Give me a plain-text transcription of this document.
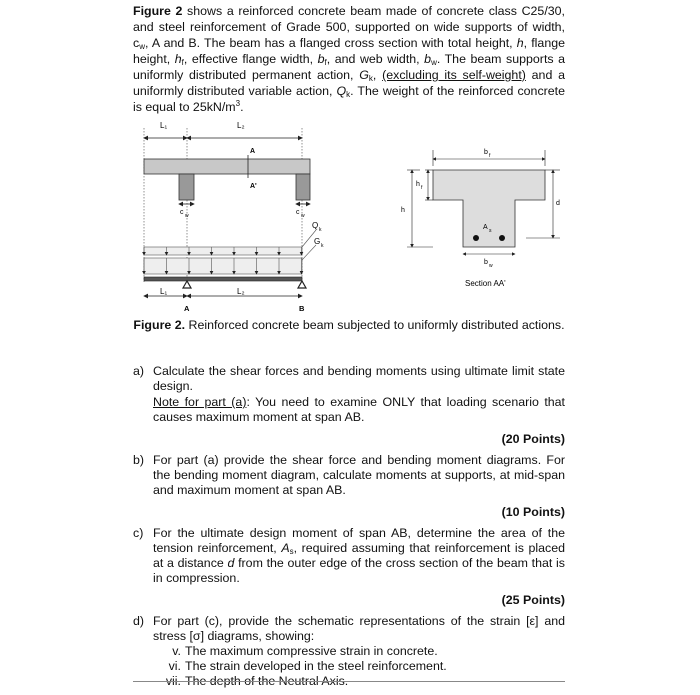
Figure 2 shows a reinforced concrete beam made of concrete class C25/30, and steel reinforcement of Grade 500, supported on wide supports of width, $c_w$, A and B. The beam has a flanged cross section with total height, h, flange height, $h_f$, effective flange width, $b_f$, and web width, $b_w$. The beam supports a uniformly distributed permanent action, $G_k$, (excluding its self-weight) and a uniformly distributed variable action, $Q_k$. The weight of the reinforced concrete is equal to $25kN/m^3$.
L₁	L₂
A
A'
c w	c w
Q k
G k
L₁	L₂
A	B
b f
h f
h
d
A s
b w
Section AA'
Figure 2. Reinforced concrete beam subjected to uniformly distributed actions.
a) Calculate the shear forces and bending moments using ultimate limit state design.
Note for part (a): You need to examine ONLY that loading scenario that causes maximum moment at span AB.
(20 Points)
b) For part (a) provide the shear force and bending moment diagrams. For the bending moment diagram, calculate moments at supports, at mid-span and maximum moment at span AB.
(10 Points)
c) For the ultimate design moment of span AB, determine the area of the tension reinforcement, $A_s$, required assuming that reinforcement is placed at a distance d from the outer edge of the cross section of the beam that is in compression.
(25 Points)
d) For part (c), provide the schematic representations of the strain [ε] and stress [σ] diagrams, showing:
v. The maximum compressive strain in concrete.
vi. The strain developed in the steel reinforcement.
vii. The depth of the Neutral Axis.
